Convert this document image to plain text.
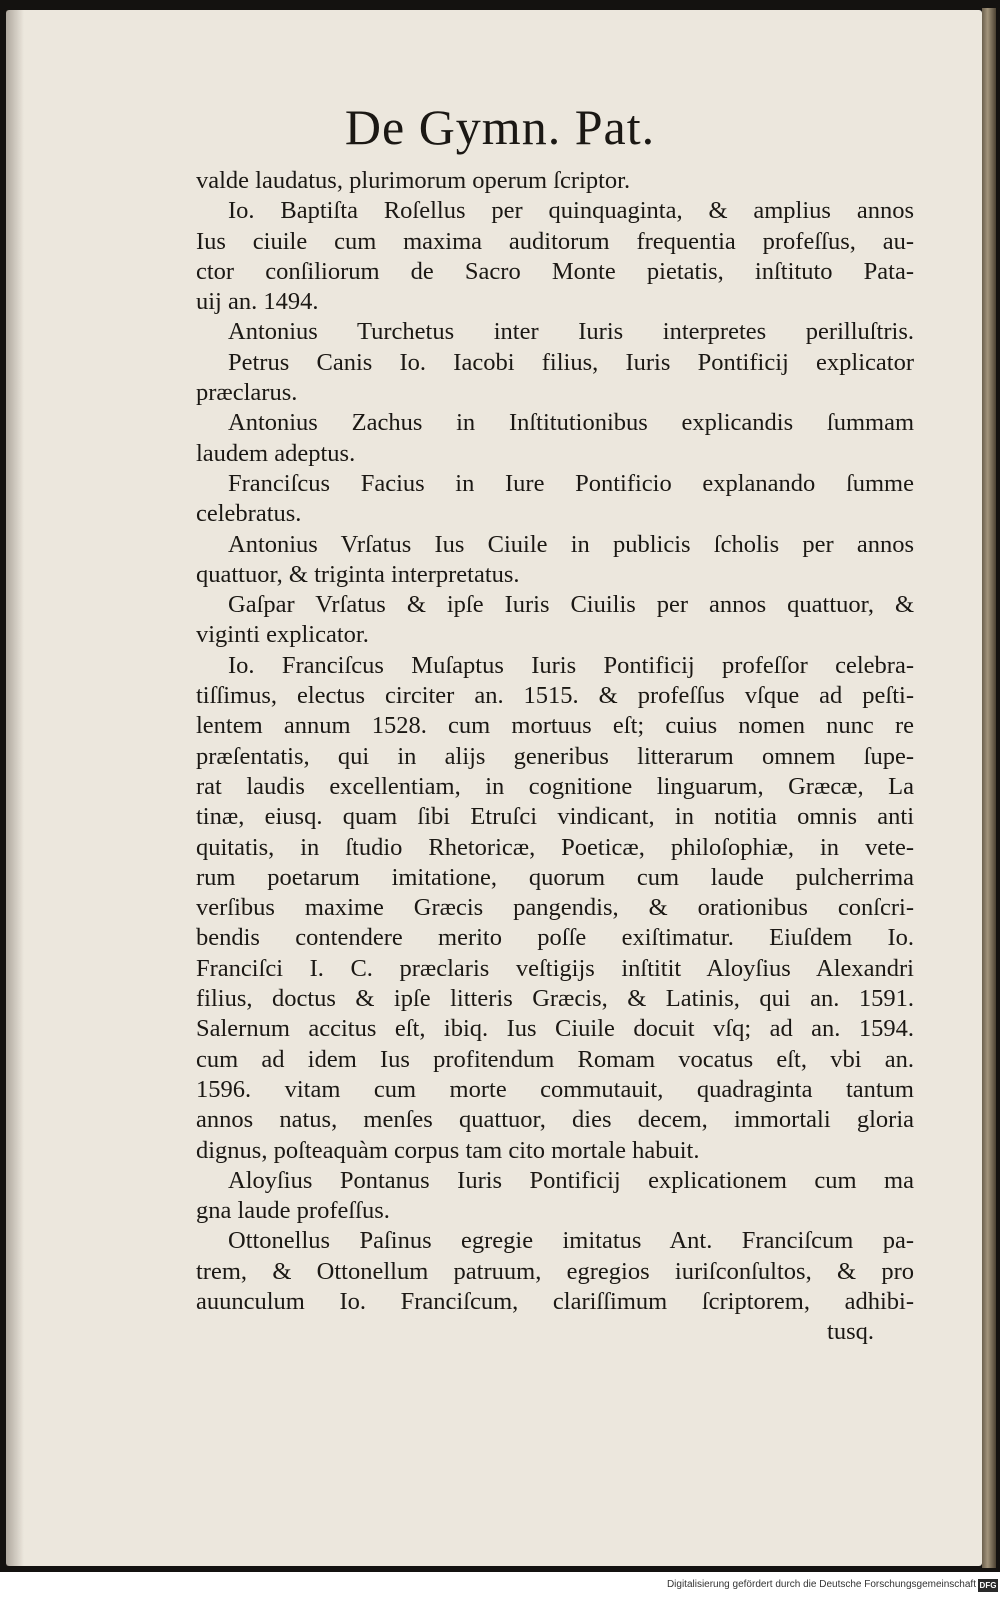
De Gymn. Pat.
valde laudatus, plurimorum operum ſcriptor.
Io. Baptiſta Roſellus per quinquaginta, & amplius annos
Ius ciuile cum maxima auditorum frequentia profeſſus, au-
ctor conſiliorum de Sacro Monte pietatis, inſtituto Pata-
uij an. 1494.
Antonius Turchetus inter Iuris interpretes perilluſtris.
Petrus Canis Io. Iacobi filius, Iuris Pontificij explicator
præclarus.
Antonius Zachus in Inſtitutionibus explicandis ſummam
laudem adeptus.
Franciſcus Facius in Iure Pontificio explanando ſumme
celebratus.
Antonius Vrſatus Ius Ciuile in publicis ſcholis per annos
quattuor, & triginta interpretatus.
Gaſpar Vrſatus & ipſe Iuris Ciuilis per annos quattuor, &
viginti explicator.
Io. Franciſcus Muſaptus Iuris Pontificij profeſſor celebra-
tiſſimus, electus circiter an. 1515. & profeſſus vſque ad peſti-
lentem annum 1528. cum mortuus eſt; cuius nomen nunc re
præſentatis, qui in alijs generibus litterarum omnem ſupe-
rat laudis excellentiam, in cognitione linguarum, Græcæ, La
tinæ, eiusq. quam ſibi Etruſci vindicant, in notitia omnis anti
quitatis, in ſtudio Rhetoricæ, Poeticæ, philoſophiæ, in vete-
rum poetarum imitatione, quorum cum laude pulcherrima
verſibus maxime Græcis pangendis, & orationibus conſcri-
bendis contendere merito poſſe exiſtimatur. Eiuſdem Io.
Franciſci I. C. præclaris veſtigijs inſtitit Aloyſius Alexandri
filius, doctus & ipſe litteris Græcis, & Latinis, qui an. 1591.
Salernum accitus eſt, ibiq. Ius Ciuile docuit vſq; ad an. 1594.
cum ad idem Ius profitendum Romam vocatus eſt, vbi an.
1596. vitam cum morte commutauit, quadraginta tantum
annos natus, menſes quattuor, dies decem, immortali gloria
dignus, poſteaquàm corpus tam cito mortale habuit.
Aloyſius Pontanus Iuris Pontificij explicationem cum ma
gna laude profeſſus.
Ottonellus Paſinus egregie imitatus Ant. Franciſcum pa-
trem, & Ottonellum patruum, egregios iuriſconſultos, & pro
auunculum Io. Franciſcum, clariſſimum ſcriptorem, adhibi-
tusq.
Digitalisierung gefördert durch die Deutsche Forschungsgemeinschaft DFG
